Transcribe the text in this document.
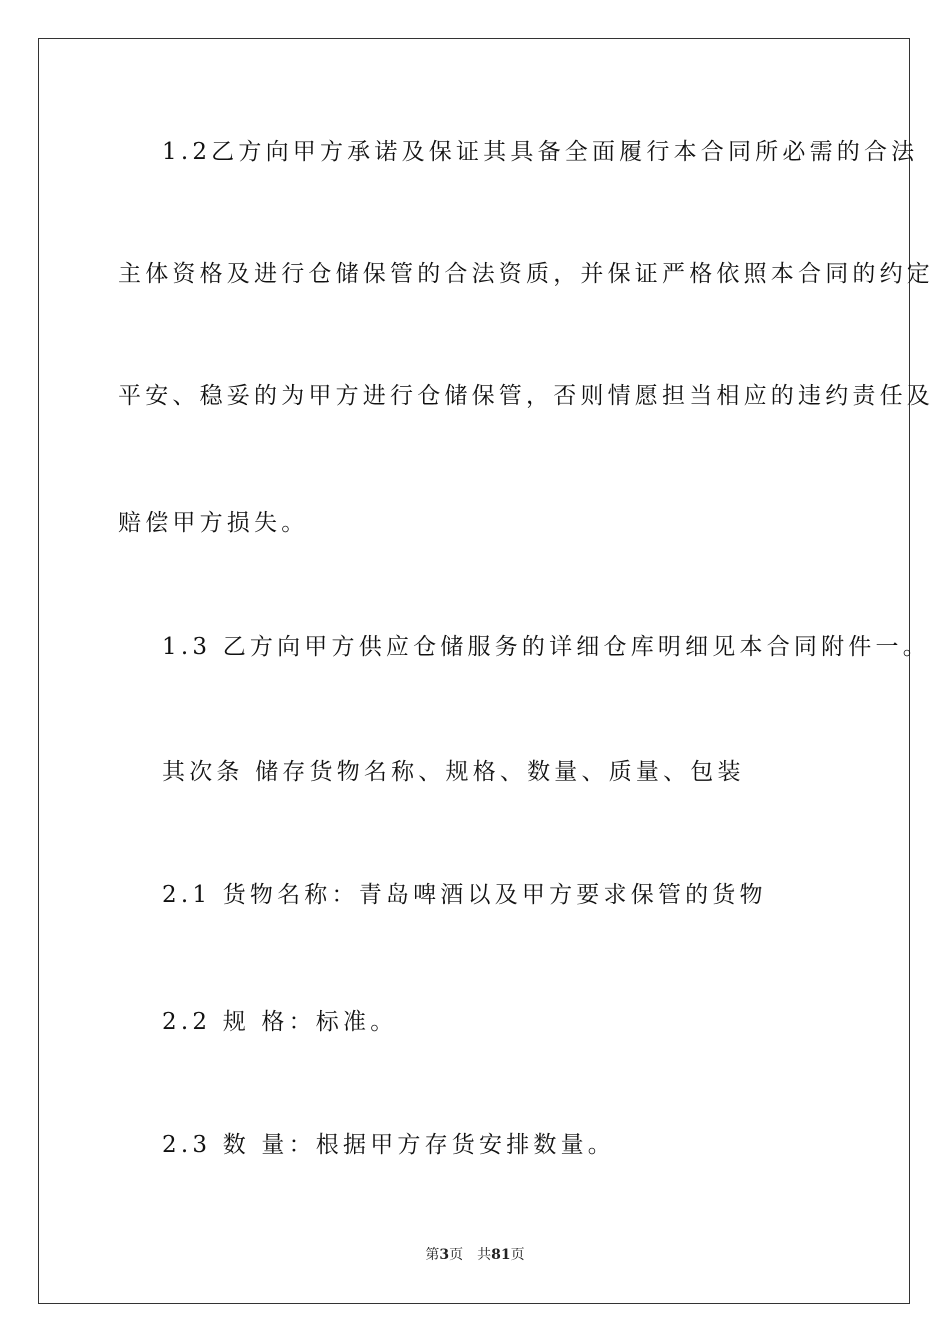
1.2乙方向甲方承诺及保证其具备全面履行本合同所必需的合法
主体资格及进行仓储保管的合法资质，并保证严格依照本合同的约定
平安、稳妥的为甲方进行仓储保管，否则情愿担当相应的违约责任及
赔偿甲方损失。
1.3 乙方向甲方供应仓储服务的详细仓库明细见本合同附件一。
其次条 储存货物名称、规格、数量、质量、包装
2.1 货物名称：青岛啤酒以及甲方要求保管的货物
2.2 规 格：标准。
2.3 数 量：根据甲方存货安排数量。
第3页 共81页
